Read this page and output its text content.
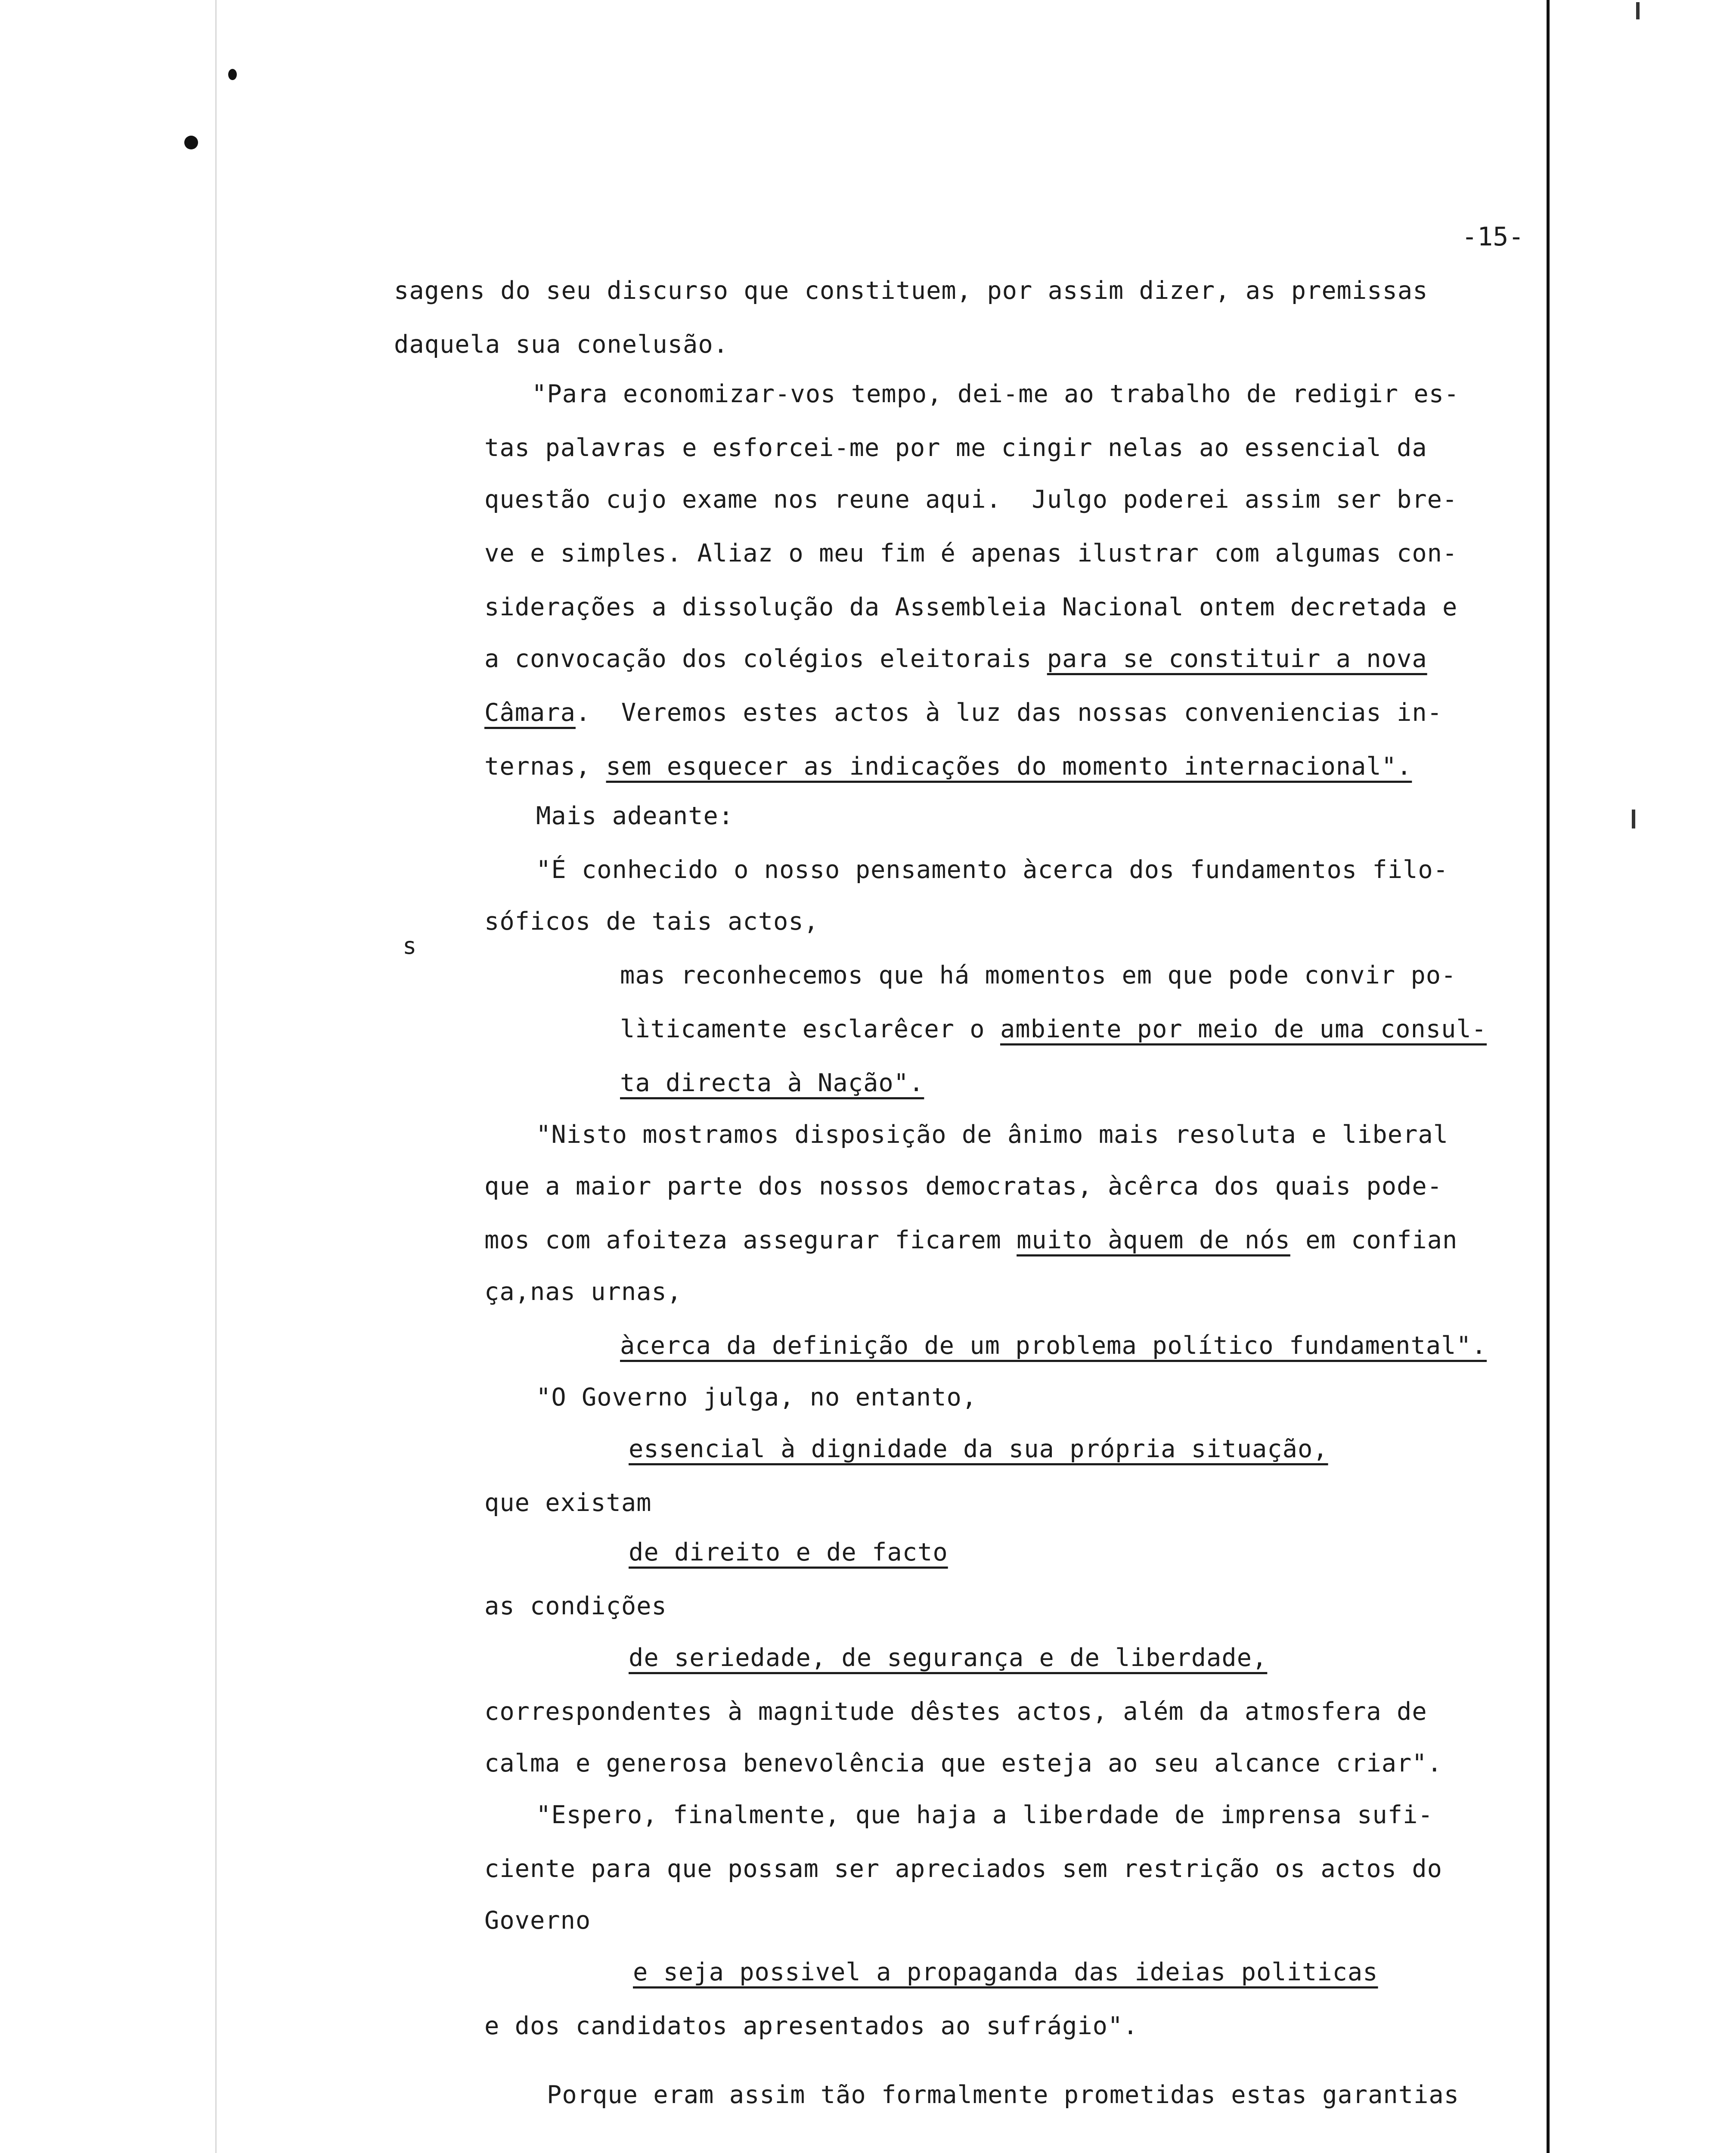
-15-
s
sagens do seu discurso que constituem, por assim dizer, as premissas
daquela sua conelusão.
"Para economizar-vos tempo, dei-me ao trabalho de redigir es-
tas palavras e esforcei-me por me cingir nelas ao essencial da
questão cujo exame nos reune aqui.  Julgo poderei assim ser bre-
ve e simples. Aliaz o meu fim é apenas ilustrar com algumas con-
siderações a dissolução da Assembleia Nacional ontem decretada e
a convocação dos colégios eleitorais para se constituir a nova
Câmara.  Veremos estes actos à luz das nossas conveniencias in-
ternas, sem esquecer as indicações do momento internacional".
Mais adeante:
"É conhecido o nosso pensamento àcerca dos fundamentos filo-
sóficos de tais actos,
mas reconhecemos que há momentos em que pode convir po-
lìticamente esclarêcer o ambiente por meio de uma consul-
ta directa à Nação".
"Nisto mostramos disposição de ânimo mais resoluta e liberal
que a maior parte dos nossos democratas, àcêrca dos quais pode-
mos com afoiteza assegurar ficarem muito àquem de nós em confian
ça,nas urnas,
àcerca da definição de um problema político fundamental".
"O Governo julga, no entanto,
essencial à dignidade da sua própria situação,
que existam
de direito e de facto
as condições
de seriedade, de segurança e de liberdade,
correspondentes à magnitude dêstes actos, além da atmosfera de
calma e generosa benevolência que esteja ao seu alcance criar".
"Espero, finalmente, que haja a liberdade de imprensa sufi-
ciente para que possam ser apreciados sem restrição os actos do
Governo
e seja possivel a propaganda das ideias politicas
e dos candidatos apresentados ao sufrágio".
Porque eram assim tão formalmente prometidas estas garantias
